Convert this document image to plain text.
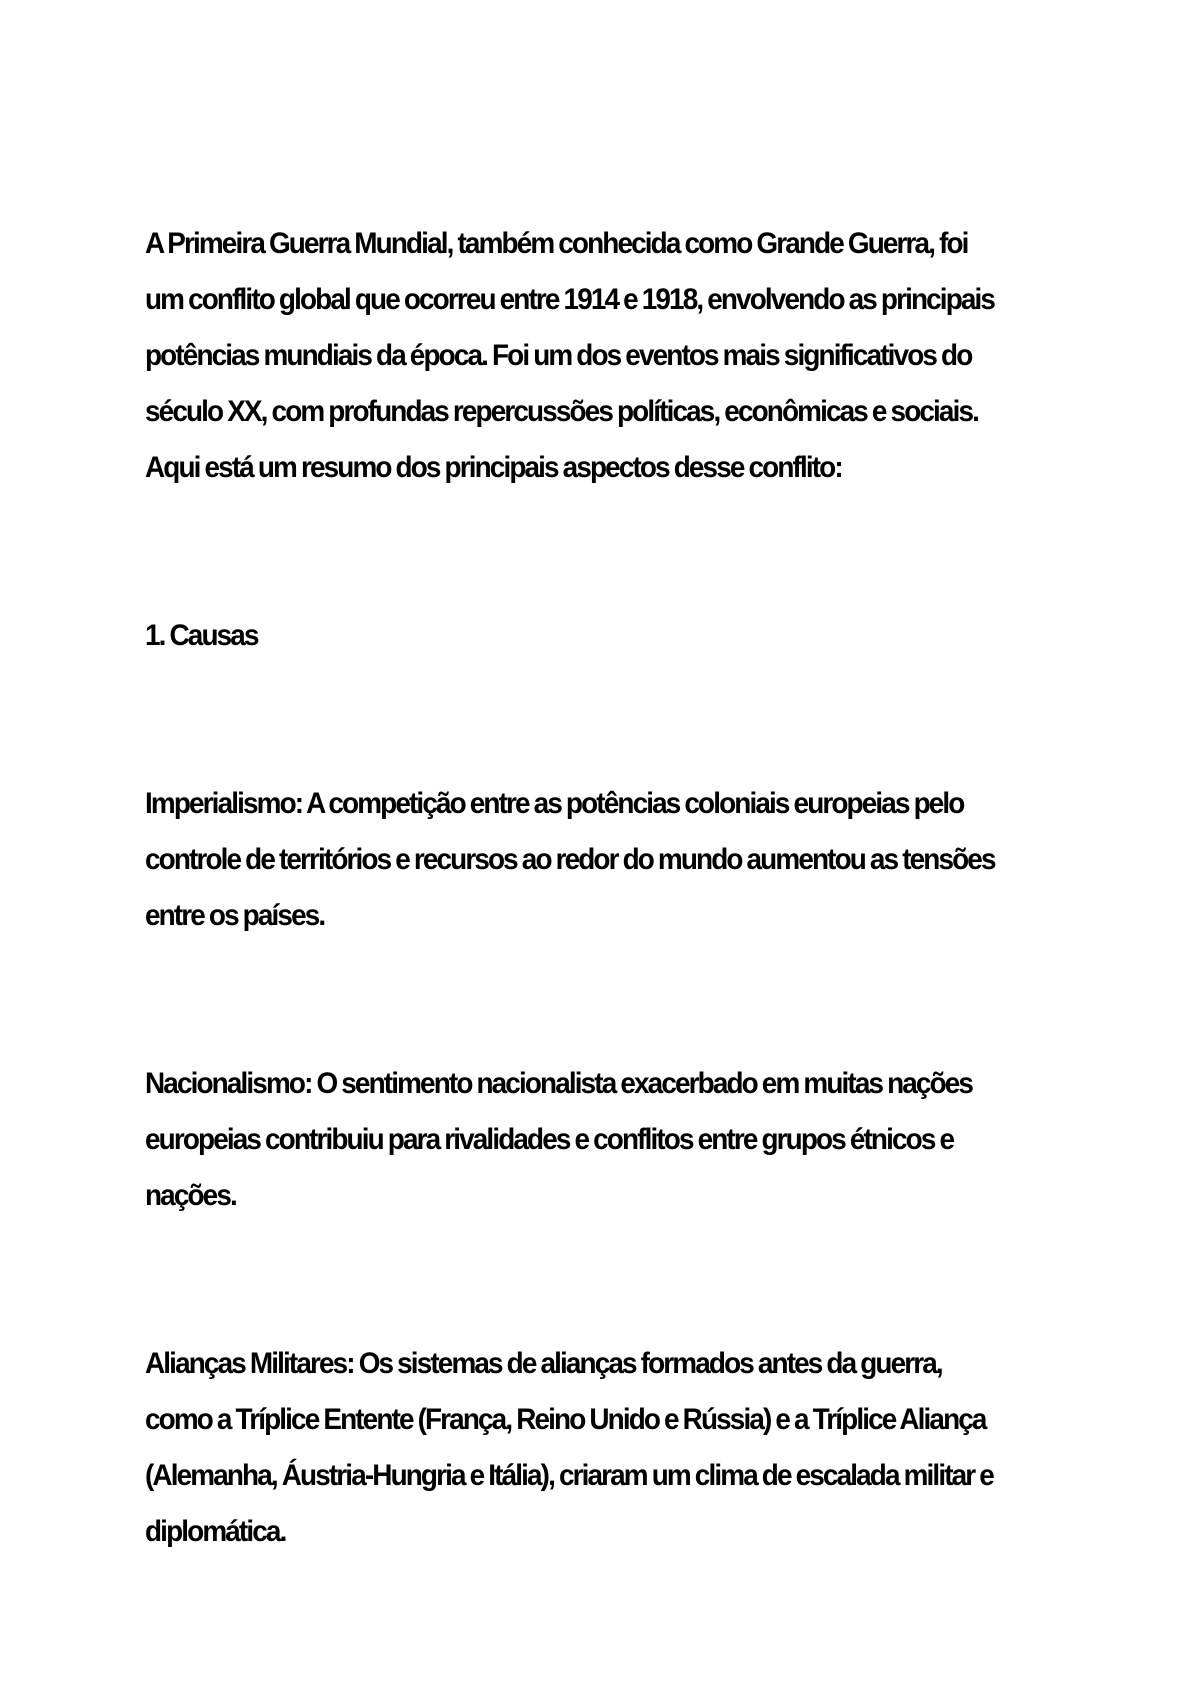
A Primeira Guerra Mundial, também conhecida como Grande Guerra, foi um conflito global que ocorreu entre 1914 e 1918, envolvendo as principais potências mundiais da época. Foi um dos eventos mais significativos do século XX, com profundas repercussões políticas, econômicas e sociais. Aqui está um resumo dos principais aspectos desse conflito:

1. Causas

Imperialismo: A competição entre as potências coloniais europeias pelo controle de territórios e recursos ao redor do mundo aumentou as tensões entre os países.

Nacionalismo: O sentimento nacionalista exacerbado em muitas nações europeias contribuiu para rivalidades e conflitos entre grupos étnicos e nações.

Alianças Militares: Os sistemas de alianças formados antes da guerra, como a Tríplice Entente (França, Reino Unido e Rússia) e a Tríplice Aliança (Alemanha, Áustria-Hungria e Itália), criaram um clima de escalada militar e diplomática.
